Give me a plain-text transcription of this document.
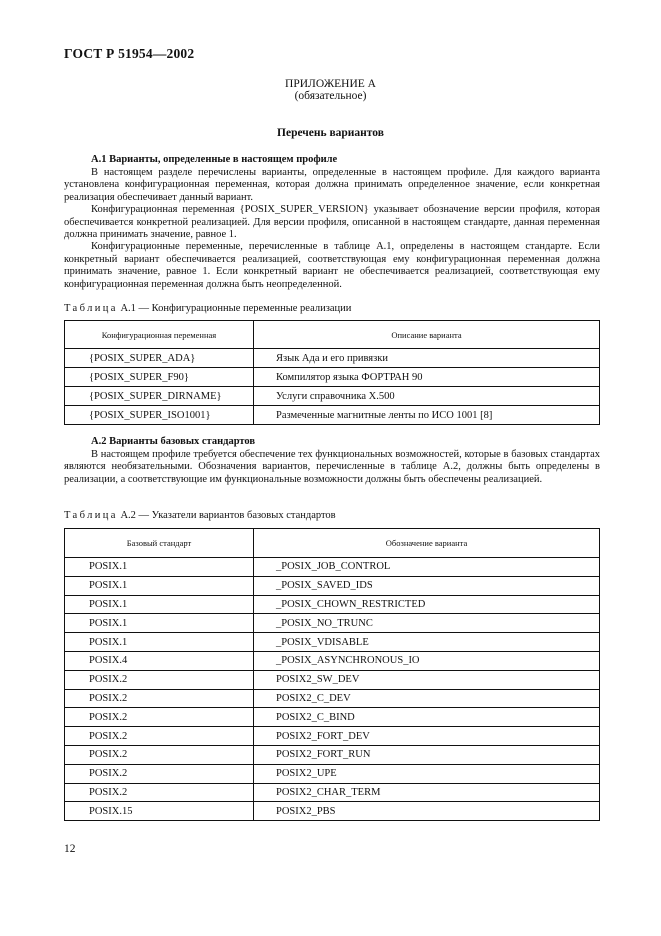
ГОСТ Р 51954—2002
ПРИЛОЖЕНИЕ А
(обязательное)
Перечень вариантов
А.1 Варианты, определенные в настоящем профиле

В настоящем разделе перечислены варианты, определенные в настоящем профиле. Для каждого варианта установлена конфигурационная переменная, которая должна принимать определенное значение, если конкретная реализация обеспечивает данный вариант.

Конфигурационная переменная {POSIX_SUPER_VERSION} указывает обозначение версии профиля, которая обеспечивается конкретной реализацией. Для версии профиля, описанной в настоящем стандарте, данная переменная должна принимать значение, равное 1.

Конфигурационные переменные, перечисленные в таблице А.1, определены в настоящем стандарте. Если конкретный вариант обеспечивается реализацией, соответствующая ему конфигурационная переменная должна принимать значение, равное 1. Если конкретный вариант не обеспечивается реализацией, соответствующая ему конфигурационная переменная должна быть неопределенной.

Таблица А.1 — Конфигурационные переменные реализации
Конфигурационная переменная	Описание варианта
{POSIX_SUPER_ADA}	Язык Ада и его привязки
{POSIX_SUPER_F90}	Компилятор языка ФОРТРАН 90
{POSIX_SUPER_DIRNAME}	Услуги справочника X.500
{POSIX_SUPER_ISO1001}	Размеченные магнитные ленты по ИСО 1001 [8]
А.2 Варианты базовых стандартов

В настоящем профиле требуется обеспечение тех функциональных возможностей, которые в базовых стандартах являются необязательными. Обозначения вариантов, перечисленные в таблице А.2, должны быть определены в реализации, а соответствующие им функциональные возможности должны быть обеспечены реализацией.

Таблица А.2 — Указатели вариантов базовых стандартов
Базовый стандарт	Обозначение варианта
POSIX.1	_POSIX_JOB_CONTROL
POSIX.1	_POSIX_SAVED_IDS
POSIX.1	_POSIX_CHOWN_RESTRICTED
POSIX.1	_POSIX_NO_TRUNC
POSIX.1	_POSIX_VDISABLE
POSIX.4	_POSIX_ASYNCHRONOUS_IO
POSIX.2	POSIX2_SW_DEV
POSIX.2	POSIX2_C_DEV
POSIX.2	POSIX2_C_BIND
POSIX.2	POSIX2_FORT_DEV
POSIX.2	POSIX2_FORT_RUN
POSIX.2	POSIX2_UPE
POSIX.2	POSIX2_CHAR_TERM
POSIX.15	POSIX2_PBS
12
